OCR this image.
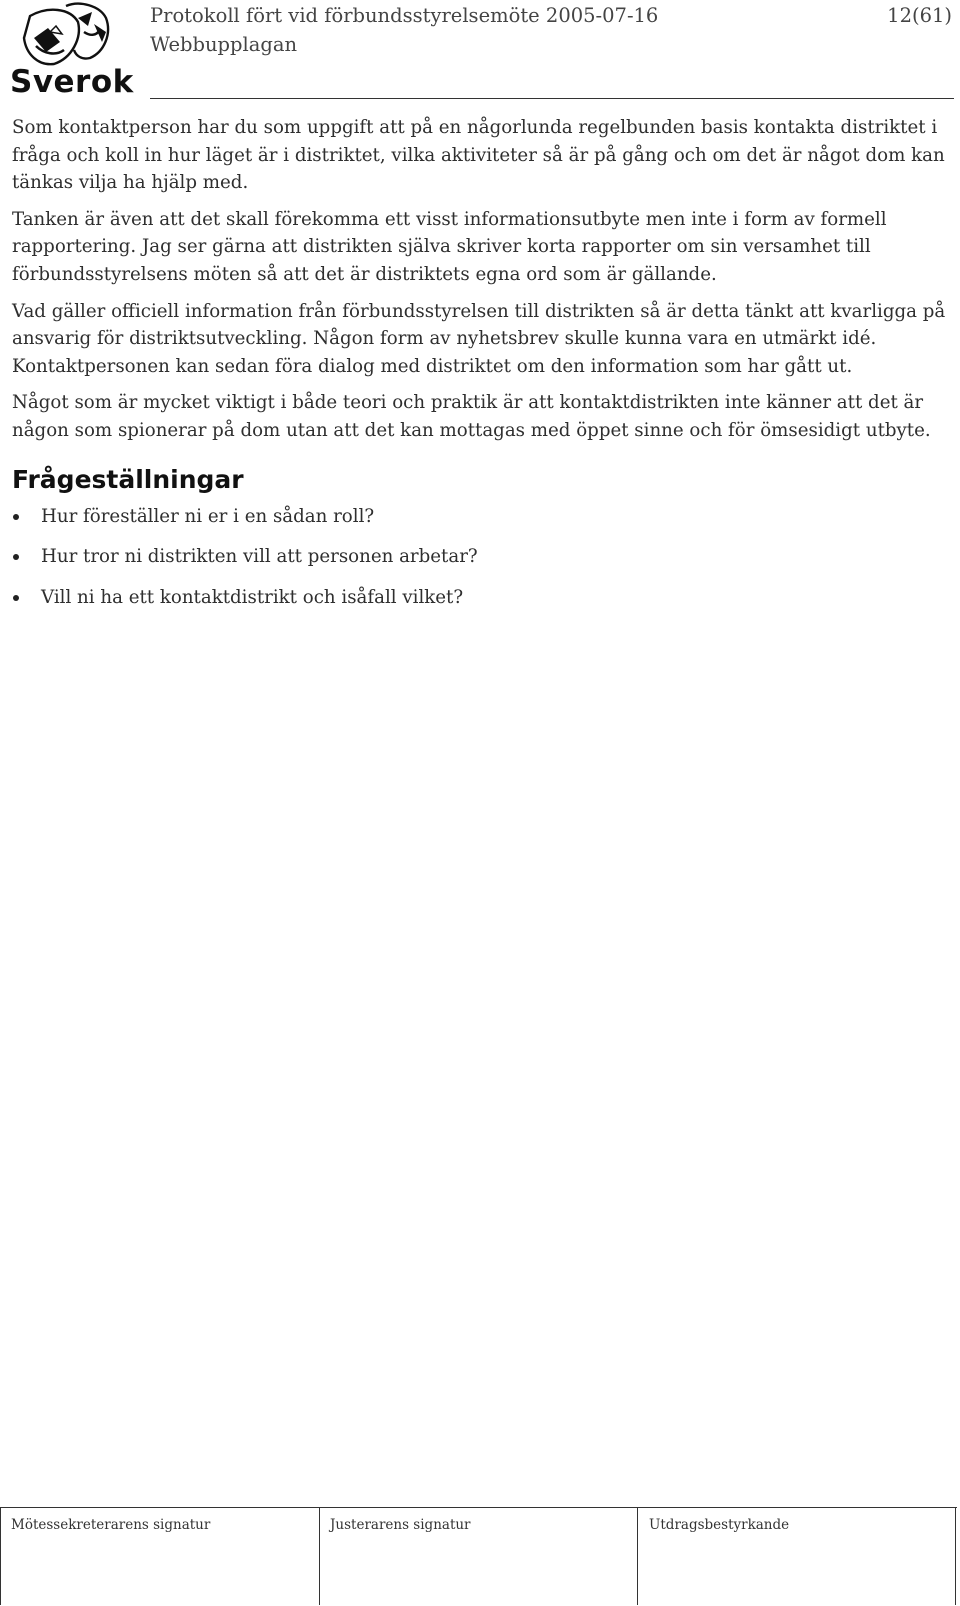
Sverok
Protokoll fört vid förbundsstyrelsemöte 2005-07-16
Webbupplagan
12(61)

Som kontaktperson har du som uppgift att på en någorlunda regelbunden basis kontakta distriktet i fråga och koll in hur läget är i distriktet, vilka aktiviteter så är på gång och om det är något dom kan tänkas vilja ha hjälp med.

Tanken är även att det skall förekomma ett visst informationsutbyte men inte i form av formell rapportering. Jag ser gärna att distrikten själva skriver korta rapporter om sin versamhet till förbundsstyrelsens möten så att det är distriktets egna ord som är gällande.

Vad gäller officiell information från förbundsstyrelsen till distrikten så är detta tänkt att kvarligga på ansvarig för distriktsutveckling. Någon form av nyhetsbrev skulle kunna vara en utmärkt idé. Kontaktpersonen kan sedan föra dialog med distriktet om den information som har gått ut.

Något som är mycket viktigt i både teori och praktik är att kontaktdistrikten inte känner att det är någon som spionerar på dom utan att det kan mottagas med öppet sinne och för ömsesidigt utbyte.

Frågeställningar
Hur föreställer ni er i en sådan roll?
Hur tror ni distrikten vill att personen arbetar?
Vill ni ha ett kontaktdistrikt och isåfall vilket?
Mötessekreterarens signatur	Justerarens signatur	Utdragsbestyrkande
